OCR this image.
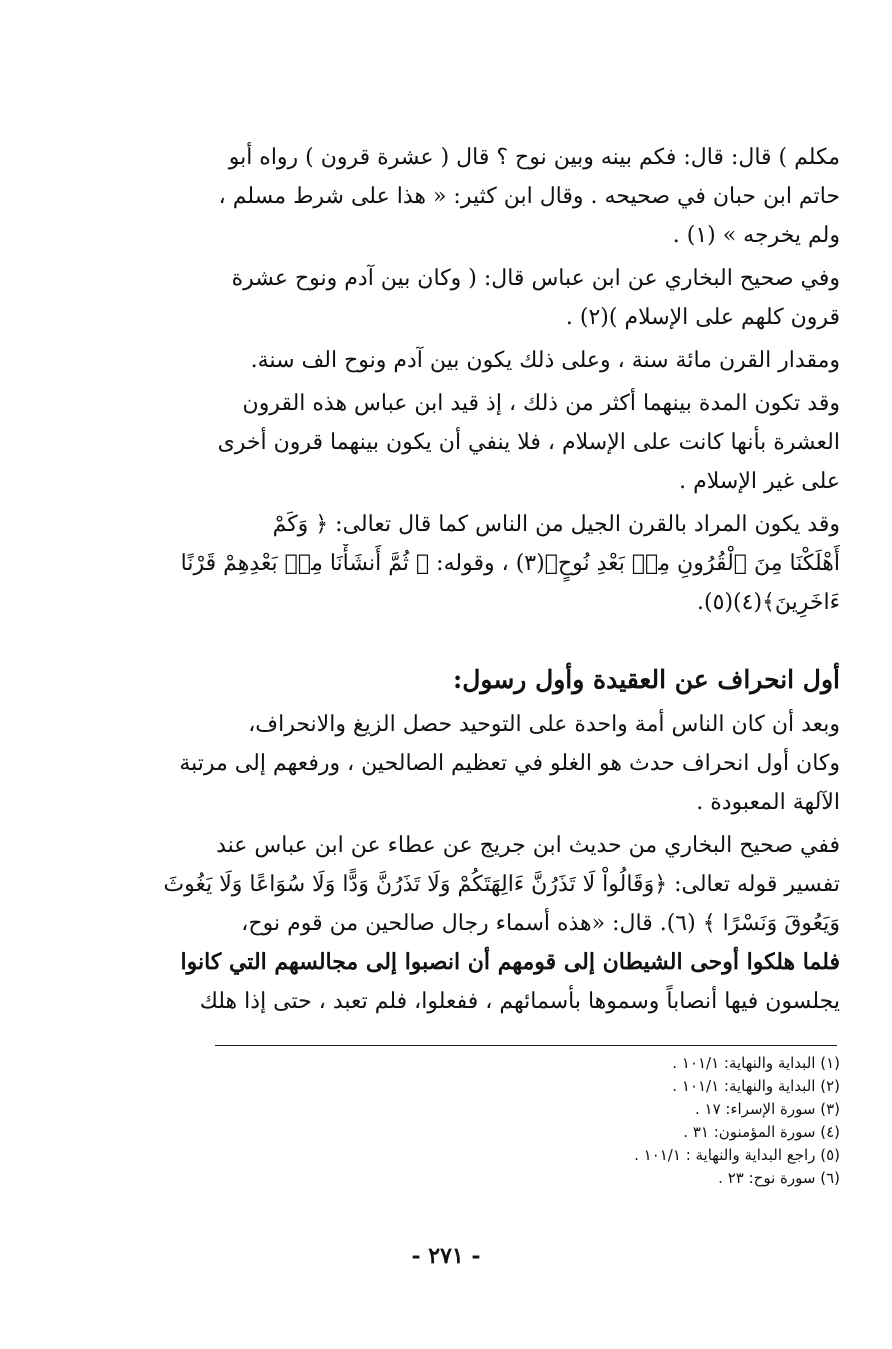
مكلم ) قال: قال: فكم بينه وبين نوح ؟ قال ( عشرة قرون ) رواه أبو
حاتم ابن حبان في صحيحه . وقال ابن كثير: « هذا على شرط مسلم ،
ولم يخرجه » (١) .
وفي صحيح البخاري عن ابن عباس قال: ( وكان بين آدم ونوح عشرة
قرون كلهم على الإسلام )(٢) .
ومقدار القرن مائة سنة ، وعلى ذلك يكون بين آدم ونوح الف سنة.
وقد تكون المدة بينهما أكثر من ذلك ، إذ قيد ابن عباس هذه القرون
العشرة بأنها كانت على الإسلام ، فلا ينفي أن يكون بينهما قرون أخرى
على غير الإسلام .
وقد يكون المراد بالقرن الجيل من الناس كما قال تعالى: ﴿ وَكَمْ
أَهْلَكْنَا مِنَ ٱلْقُرُونِ مِنۢ بَعْدِ نُوحٍ﴾(٣) ، وقوله: ﴿ ثُمَّ أَنشَأْنَا مِنۢ بَعْدِهِمْ قَرْنًا
ءَاخَرِينَ﴾(٤)(٥).
أول انحراف عن العقيدة وأول رسول:
وبعد أن كان الناس أمة واحدة على التوحيد حصل الزيغ والانحراف،
وكان أول انحراف حدث هو الغلو في تعظيم الصالحين ، ورفعهم إلى مرتبة
الآلهة المعبودة .
ففي صحيح البخاري من حديث ابن جريج عن عطاء عن ابن عباس عند
تفسير قوله تعالى: ﴿وَقَالُواْ لَا تَذَرُنَّ ءَالِهَتَكُمْ وَلَا تَذَرُنَّ وَدًّا وَلَا سُوَاعًا وَلَا يَغُوثَ
وَيَعُوقَ وَنَسْرًا ﴾ (٦). قال: «هذه أسماء رجال صالحين من قوم نوح،
فلما هلكوا أوحى الشيطان إلى قومهم أن انصبوا إلى مجالسهم التي كانوا
يجلسون فيها أنصاباً وسموها بأسمائهم ، ففعلوا، فلم تعبد ، حتى إذا هلك
(١) البداية والنهاية: ١٠١/١ .
(٢) البداية والنهاية: ١٠١/١ .
(٣) سورة الإسراء: ١٧ .
(٤) سورة المؤمنون: ٣١ .
(٥) راجع البداية والنهاية : ١٠١/١ .
(٦) سورة نوح: ٢٣ .
- ٢٧١ -
